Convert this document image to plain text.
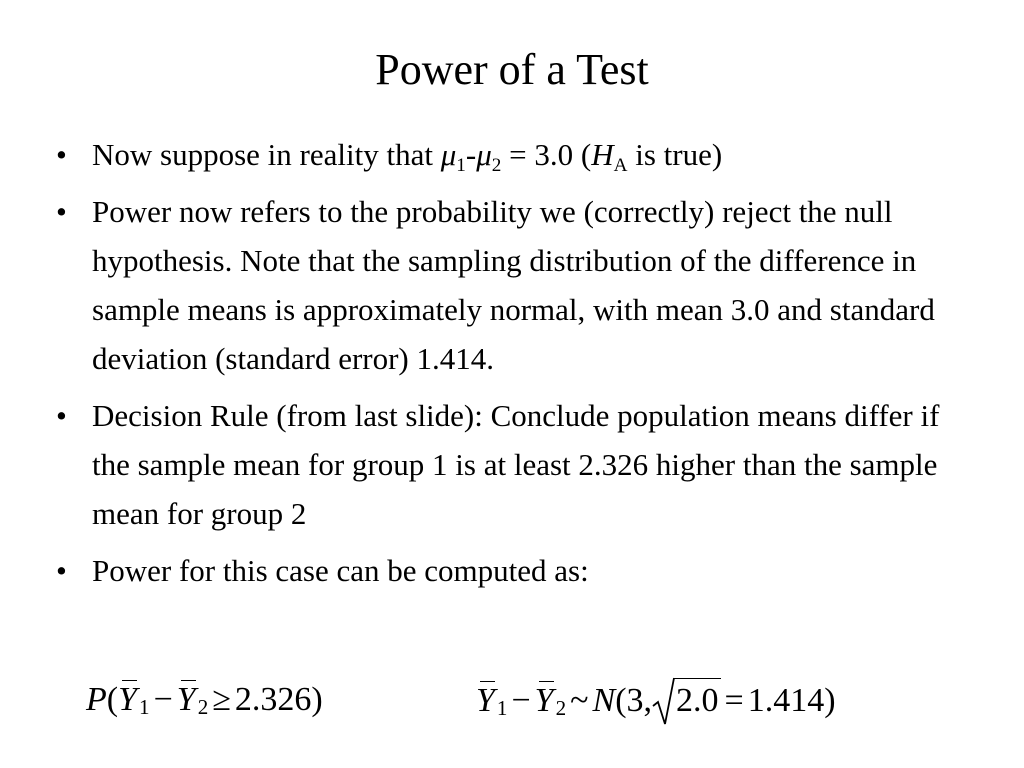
Power of a Test
• Now suppose in reality that $\mu_1-\mu_2 = 3.0$ ($H_A$ is true)
• Power now refers to the probability we (correctly) reject the null hypothesis. Note that the sampling distribution of the difference in sample means is approximately normal, with mean 3.0 and standard deviation (standard error) 1.414.
• Decision Rule (from last slide): Conclude population means differ if the sample mean for group 1 is at least 2.326 higher than the sample mean for group 2
• Power for this case can be computed as:
P(Y1 − Y2 ≥ 2.326)	Y1 − Y2 ~ N(3, 2.0 = 1.414)
